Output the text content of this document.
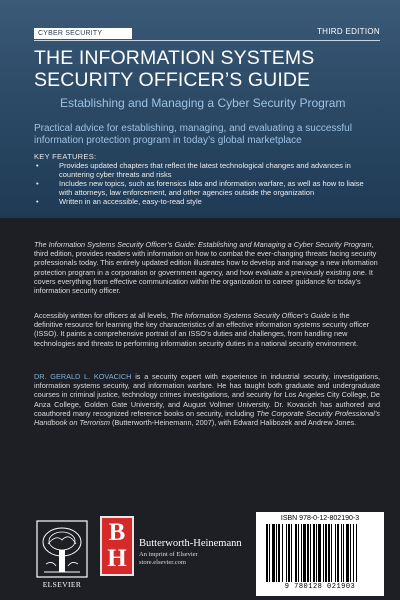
CYBER SECURITY	THIRD EDITION
THE INFORMATION SYSTEMS
SECURITY OFFICER’S GUIDE
Establishing and Managing a Cyber Security Program
Practical advice for establishing, managing, and evaluating a successful
information protection program in today’s global marketplace
KEY FEATURES:
• Provides updated chapters that reflect the latest technological changes and advances in countering cyber threats and risks
• Includes new topics, such as forensics labs and information warfare, as well as how to liaise with attorneys, law enforcement, and other agencies outside the organization
• Written in an accessible, easy-to-read style

The Information Systems Security Officer’s Guide: Establishing and Managing a Cyber Security Program, third edition, provides readers with information on how to combat the ever-changing threats facing security professionals today. This entirely updated edition illustrates how to develop and manage a new information protection program in a corporation or government agency, and how evaluate a previously existing one. It covers everything from effective communication within the organization to career guidance for today’s information security officer.

Accessibly written for officers at all levels, The Information Systems Security Officer’s Guide is the definitive resource for learning the key characteristics of an effective information systems security officer (ISSO). It paints a comprehensive portrait of an ISSO’s duties and challenges, from handling new technologies and threats to performing information security duties in a national security environment.

DR. GERALD L. KOVACICH is a security expert with experience in industrial security, investigations, information systems security, and information warfare. He has taught both graduate and undergraduate courses in criminal justice, technology crimes investigations, and security for Los Angeles City College, De Anza College, Golden Gate University, and August Vollmer University. Dr. Kovacich has authored and coauthored many recognized reference books on security, including The Corporate Security Professional’s Handbook on Terrorism (Butterworth-Heinemann, 2007), with Edward Halibozek and Andrew Jones.

ELSEVIER
B
H
Butterworth-Heinemann
An imprint of Elsevier
store.elsevier.com
ISBN 978-0-12-802190-3
9 780128 021903
